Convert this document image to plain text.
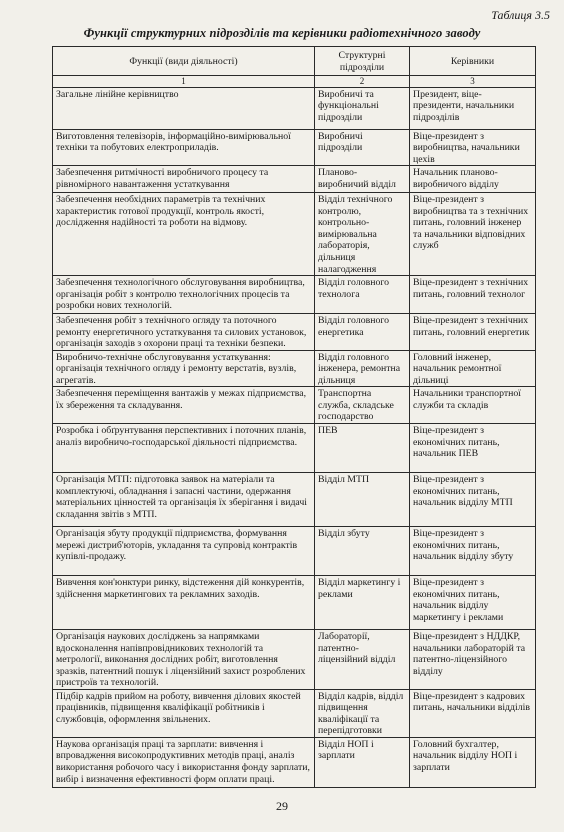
Таблиця 3.5
Функції структурних підрозділів та керівники радіотехнічного заводу
Функції (види діяльності)	Структурні підрозділи	Керівники
1	2	3
Загальне лінійне керівництво	Виробничі та функціональні підрозділи	Президент, віце-президенти, начальники підрозділів
Виготовлення телевізорів, інформаційно-вимірювальної техніки та побутових електроприладів.	Виробничі підрозділи	Віце-президент з виробництва, начальники цехів
Забезпечення ритмічності виробничого процесу та рівномірного навантаження устаткування	Планово-виробничий відділ	Начальник планово-виробничого відділу
Забезпечення необхідних параметрів та технічних характеристик готової продукції, контроль якості, дослідження надійності та роботи на відмову.	Відділ технічного контролю, контрольно-вимірювальна лабораторія, дільниця налагодження	Віце-президент з виробництва та з технічних питань, головний інженер та начальники відповідних служб
Забезпечення технологічного обслуговування виробництва, організація робіт з контролю технологічних процесів та розробки нових технологій.	Відділ головного технолога	Віце-президент з технічних питань, головний технолог
Забезпечення робіт з технічного огляду та поточного ремонту енергетичного устаткування та силових установок, організація заходів з охорони праці та техніки безпеки.	Відділ головного енергетика	Віце-президент з технічних питань, головний енергетик
Виробничо-технічне обслуговування устаткування: організація технічного огляду і ремонту верстатів, вузлів, агрегатів.	Відділ головного інженера, ремонтна дільниця	Головний інженер, начальник ремонтної дільниці
Забезпечення переміщення вантажів у межах підприємства, їх збереження та складування.	Транспортна служба, складське господарство	Начальники транспортної служби та складів
Розробка і обґрунтування перспективних і поточних планів, аналіз виробничо-господарської діяльності підприємства.	ПЕВ	Віце-президент з економічних питань, начальник ПЕВ
Організація МТП: підготовка заявок на матеріали та комплектуючі, обладнання і запасні частини, одержання матеріальних цінностей та організація їх зберігання і видачі складання звітів з МТП.	Відділ МТП	Віце-президент з економічних питань, начальник відділу МТП
Організація збуту продукції підприємства, формування мережі дистриб'юторів, укладання та супровід контрактів купівлі-продажу.	Відділ збуту	Віце-президент з економічних питань, начальник відділу збуту
Вивчення кон'юнктури ринку, відстеження дій конкурентів, здійснення маркетингових та рекламних заходів.	Відділ маркетингу і реклами	Віце-президент з економічних питань, начальник відділу маркетингу і реклами
Організація наукових досліджень за напрямками вдосконалення напівпровідникових технологій та метрології, виконання дослідних робіт, виготовлення зразків, патентний пошук і ліцензійний захист розроблених пристроїв та технологій.	Лабораторії, патентно-ліцензійний відділ	Віце-президент з НДДКР, начальники лабораторій та патентно-ліцензійного відділу
Підбір кадрів прийом на роботу, вивчення ділових якостей працівників, підвищення кваліфікації робітників і службовців, оформлення звільнених.	Відділ кадрів, відділ підвищення кваліфікації та перепідготовки	Віце-президент з кадрових питань, начальники відділів
Наукова організація праці та зарплати: вивчення і впровадження високопродуктивних методів праці, аналіз використання робочого часу і використання фонду зарплати, вибір і визначення ефективності форм оплати праці.	Відділ НОП і зарплати	Головний бухгалтер, начальник відділу НОП і зарплати
29
